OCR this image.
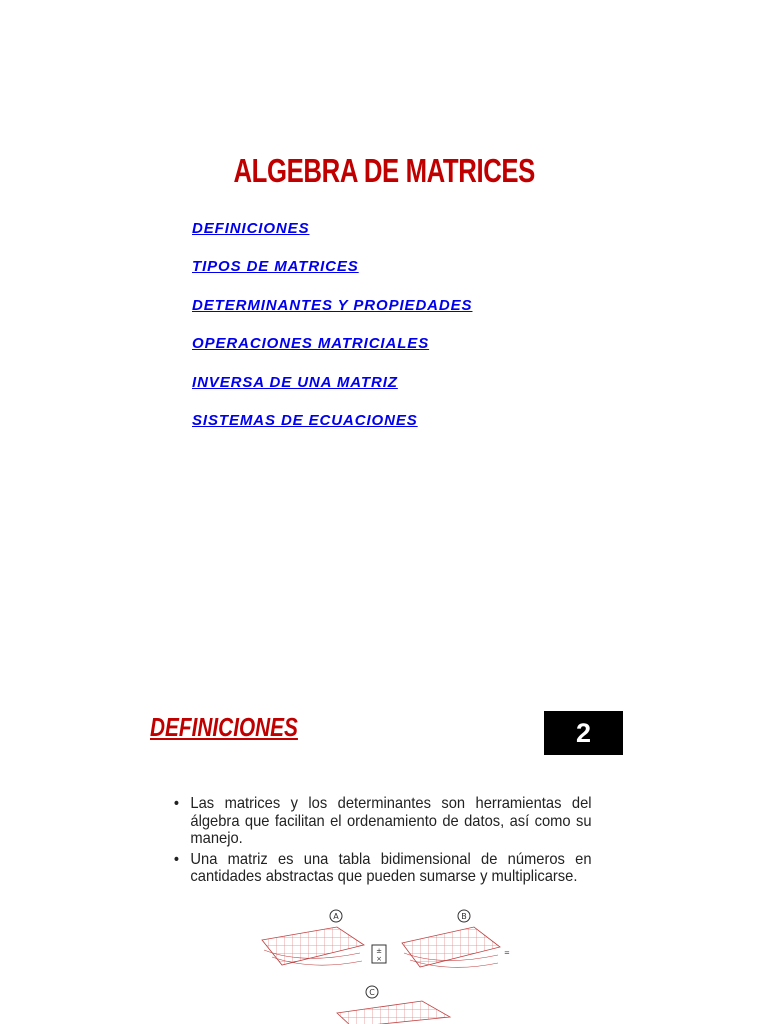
ALGEBRA DE MATRICES
DEFINICIONES
TIPOS DE MATRICES
DETERMINANTES Y PROPIEDADES
OPERACIONES MATRICIALES
INVERSA DE UNA MATRIZ
SISTEMAS DE ECUACIONES
DEFINICIONES	2
• Las matrices y los determinantes son herramientas del álgebra que facilitan el ordenamiento de datos, así como su manejo.
• Una matriz es una tabla bidimensional de números en cantidades abstractas que pueden sumarse y multiplicarse.
A
±
×
B
=
C
